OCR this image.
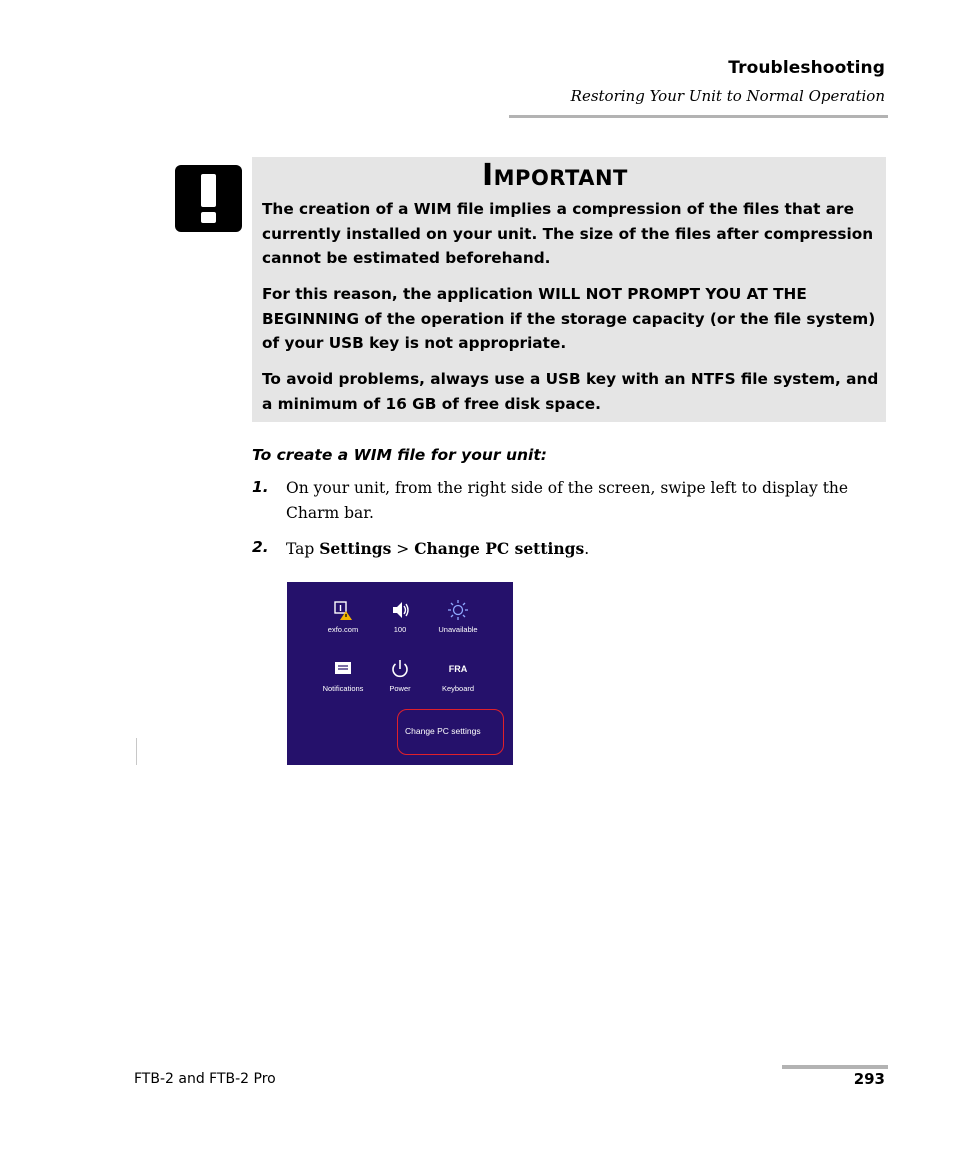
Troubleshooting
Restoring Your Unit to Normal Operation
Important
The creation of a WIM file implies a compression of the files that are currently installed on your unit. The size of the files after compression cannot be estimated beforehand.
For this reason, the application WILL NOT PROMPT YOU AT THE BEGINNING of the operation if the storage capacity (or the file system) of your USB key is not appropriate.
To avoid problems, always use a USB key with an NTFS file system, and a minimum of 16 GB of free disk space.
To create a WIM file for your unit:
1. On your unit, from the right side of the screen, swipe left to display the Charm bar.
2. Tap Settings > Change PC settings.
exfo.com	100	Unavailable
Notifications	Power
FRA
Keyboard
Change PC settings
FTB-2 and FTB-2 Pro	293
